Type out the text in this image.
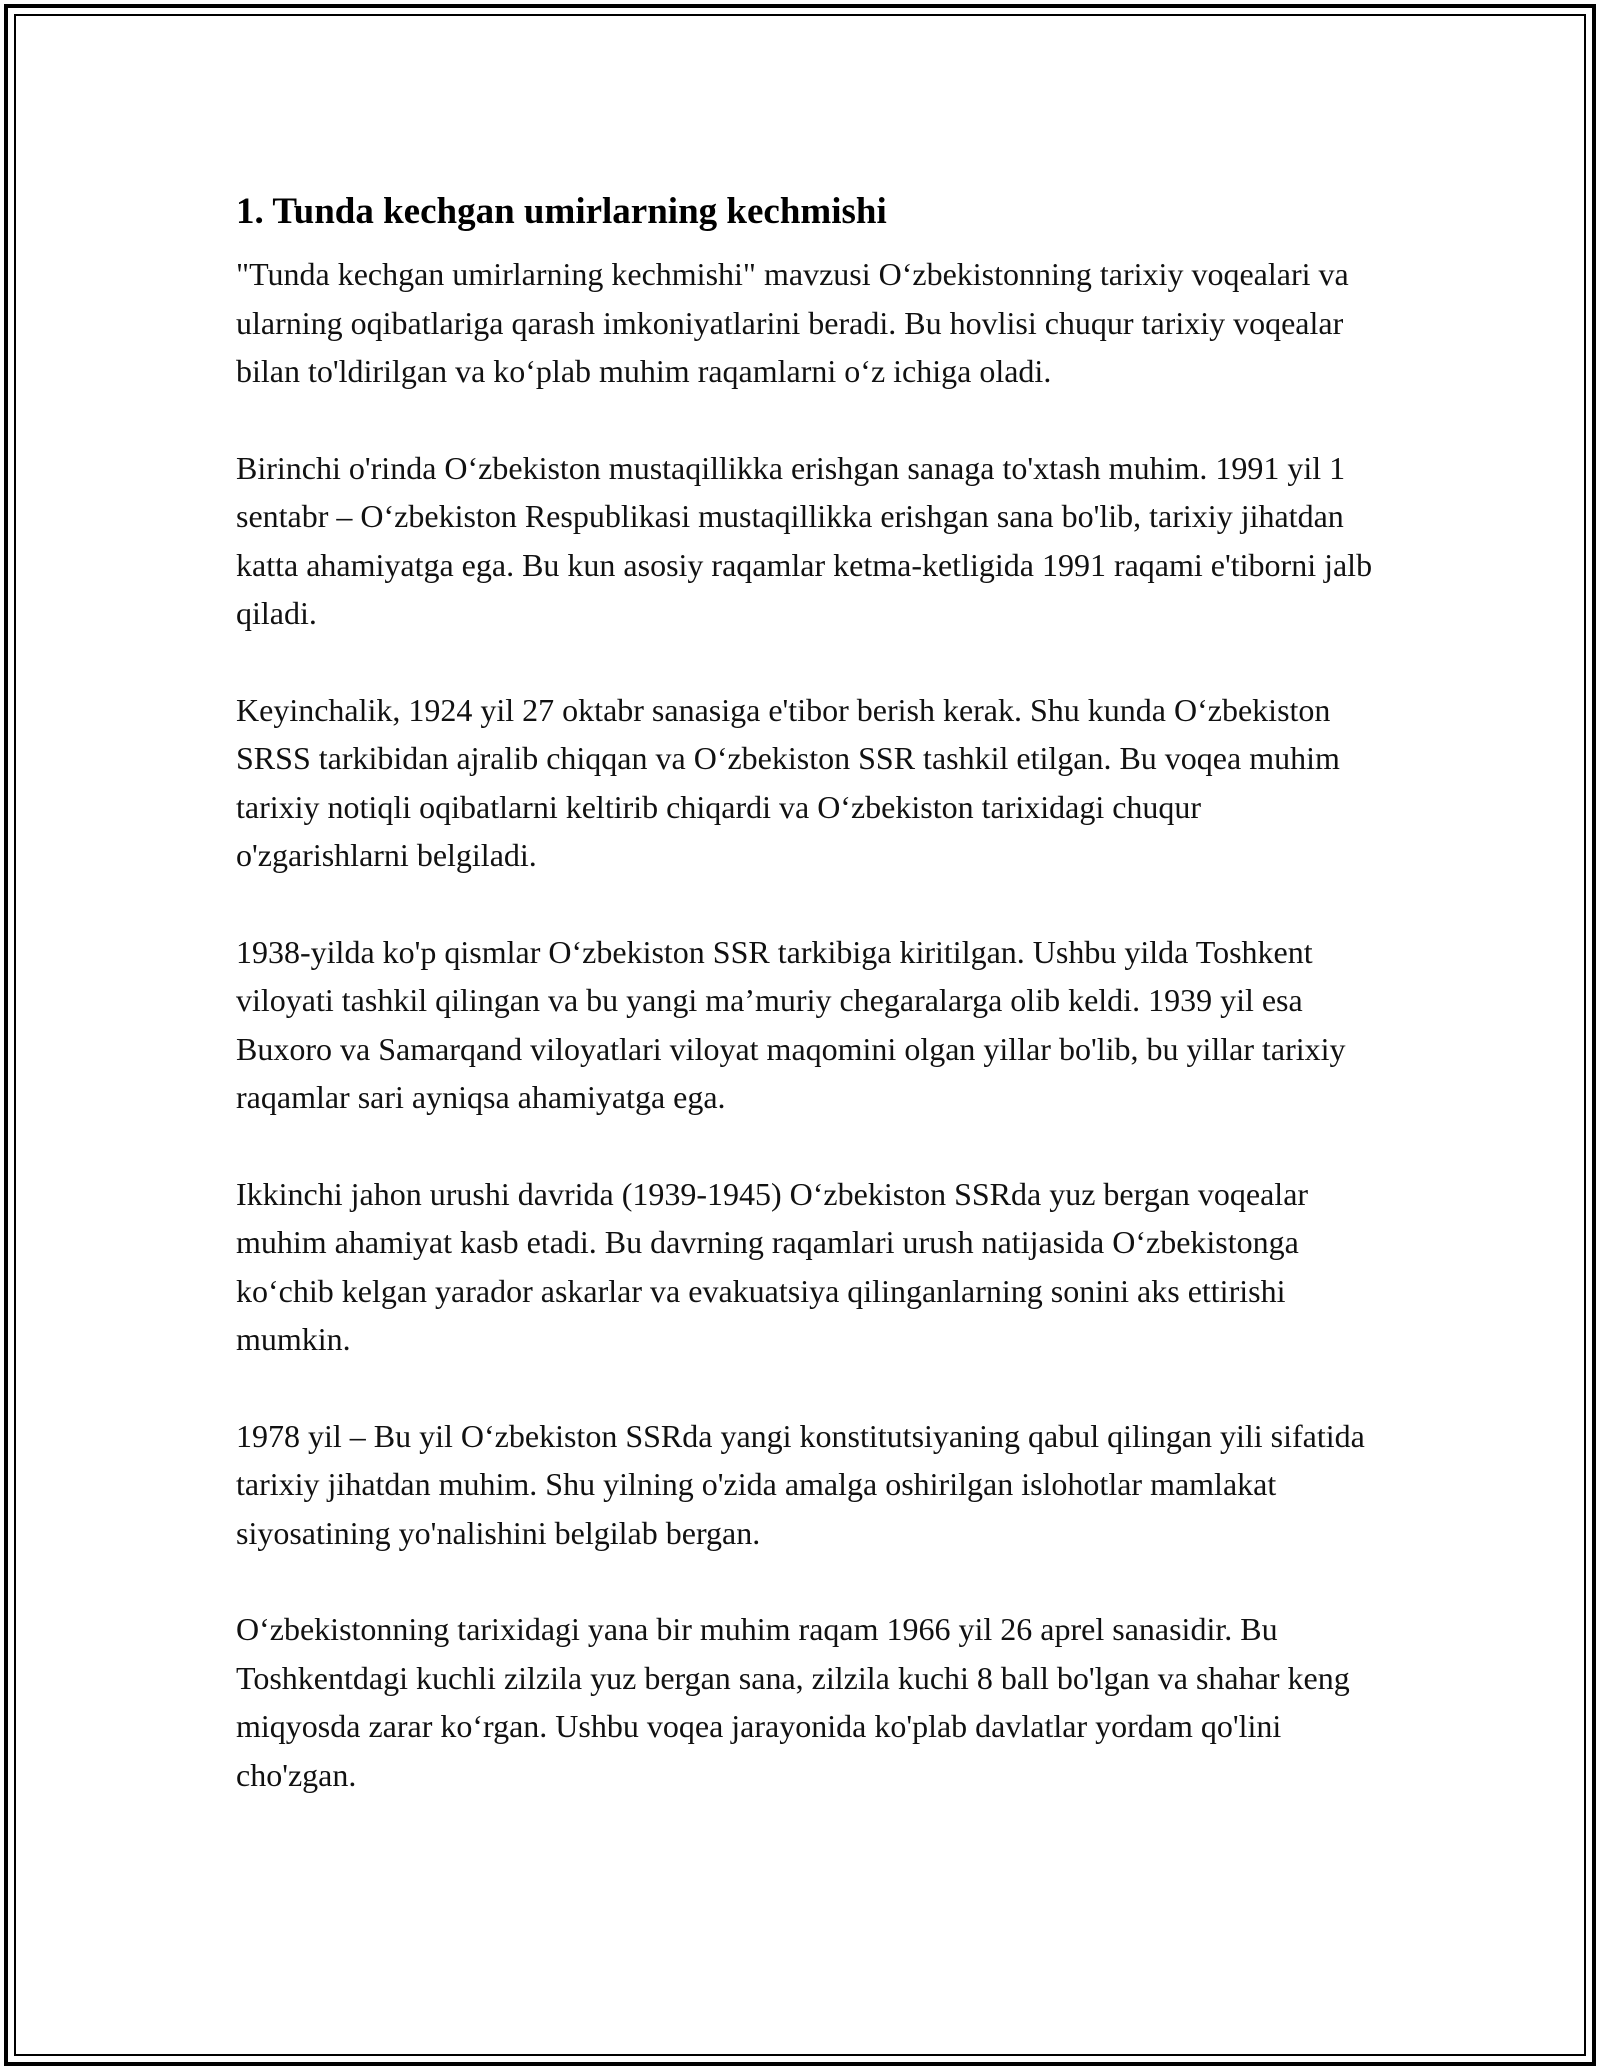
1. Tunda kechgan umirlarning kechmishi

"Tunda kechgan umirlarning kechmishi" mavzusi O‘zbekistonning tarixiy voqealari va ularning oqibatlariga qarash imkoniyatlarini beradi. Bu hovlisi chuqur tarixiy voqealar bilan to'ldirilgan va ko‘plab muhim raqamlarni o‘z ichiga oladi.

Birinchi o'rinda O‘zbekiston mustaqillikka erishgan sanaga to'xtash muhim. 1991 yil 1 sentabr – O‘zbekiston Respublikasi mustaqillikka erishgan sana bo'lib, tarixiy jihatdan katta ahamiyatga ega. Bu kun asosiy raqamlar ketma-ketligida 1991 raqami e'tiborni jalb qiladi.

Keyinchalik, 1924 yil 27 oktabr sanasiga e'tibor berish kerak. Shu kunda O‘zbekiston SRSS tarkibidan ajralib chiqqan va O‘zbekiston SSR tashkil etilgan. Bu voqea muhim tarixiy notiqli oqibatlarni keltirib chiqardi va O‘zbekiston tarixidagi chuqur o'zgarishlarni belgiladi.

1938-yilda ko'p qismlar O‘zbekiston SSR tarkibiga kiritilgan. Ushbu yilda Toshkent viloyati tashkil qilingan va bu yangi ma’muriy chegaralarga olib keldi. 1939 yil esa Buxoro va Samarqand viloyatlari viloyat maqomini olgan yillar bo'lib, bu yillar tarixiy raqamlar sari ayniqsa ahamiyatga ega.

Ikkinchi jahon urushi davrida (1939-1945) O‘zbekiston SSRda yuz bergan voqealar muhim ahamiyat kasb etadi. Bu davrning raqamlari urush natijasida O‘zbekistonga ko‘chib kelgan yarador askarlar va evakuatsiya qilinganlarning sonini aks ettirishi mumkin.

1978 yil – Bu yil O‘zbekiston SSRda yangi konstitutsiyaning qabul qilingan yili sifatida tarixiy jihatdan muhim. Shu yilning o'zida amalga oshirilgan islohotlar mamlakat siyosatining yo'nalishini belgilab bergan.

O‘zbekistonning tarixidagi yana bir muhim raqam 1966 yil 26 aprel sanasidir. Bu Toshkentdagi kuchli zilzila yuz bergan sana, zilzila kuchi 8 ball bo'lgan va shahar keng miqyosda zarar ko‘rgan. Ushbu voqea jarayonida ko'plab davlatlar yordam qo'lini cho'zgan.
